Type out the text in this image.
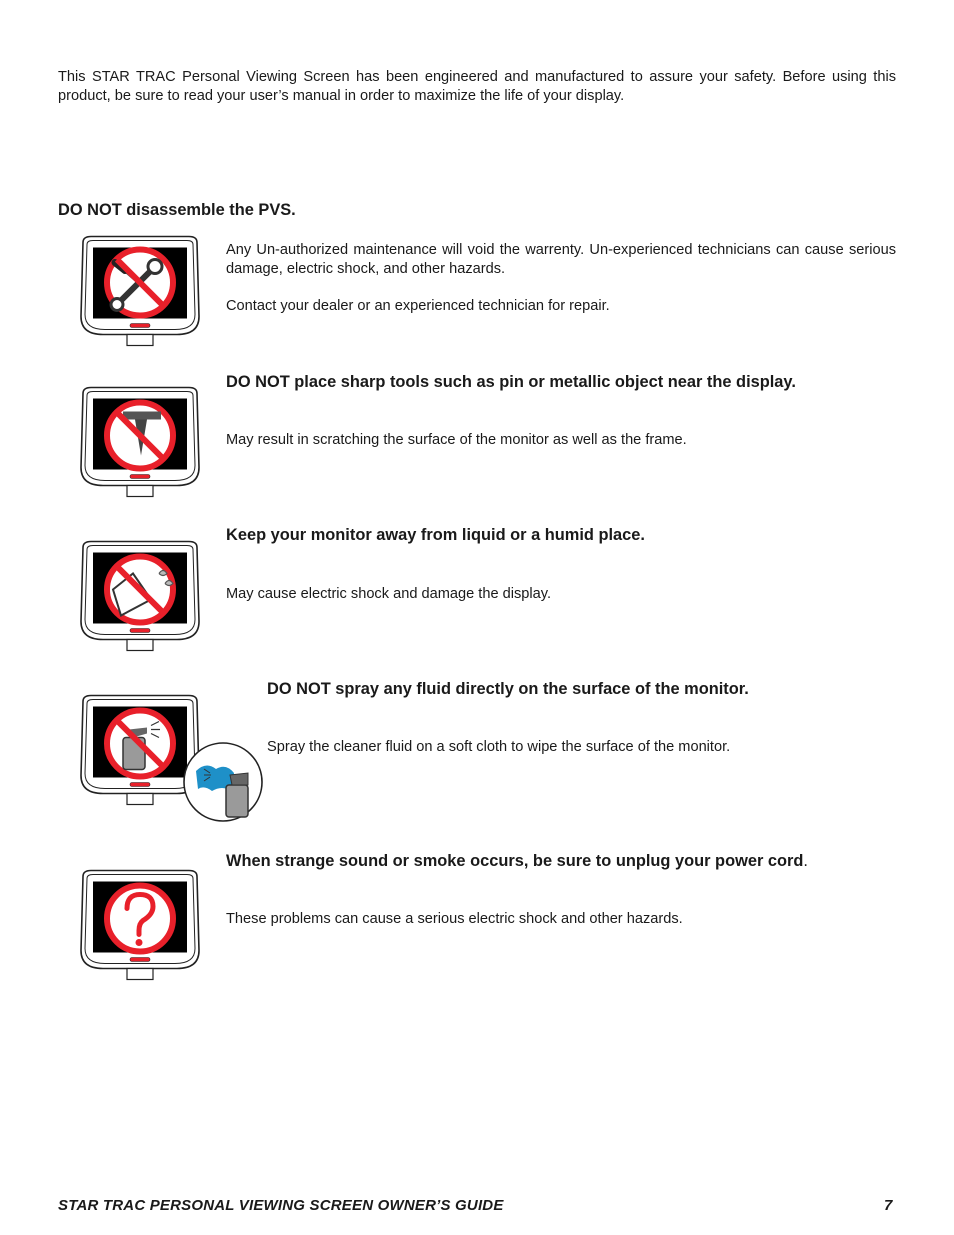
This STAR TRAC Personal Viewing Screen has been engineered and manufactured to assure your safety. Before using this product, be sure to read your user’s manual in order to maximize the life of your display.
DO NOT disassemble the PVS.
Any Un-authorized maintenance will void the warrenty. Un-experienced technicians can cause serious damage, electric shock, and other hazards.
Contact your dealer or an experienced technician for repair.
DO NOT place sharp tools such as pin or metallic object near the display.
May result in scratching the surface of the monitor as well as the frame.
Keep your monitor away from liquid or a humid place.
May cause electric shock and damage the display.
DO NOT spray any fluid directly on the surface of the monitor.
Spray the cleaner fluid on a soft cloth to wipe the surface of the monitor.
When strange sound or smoke occurs, be sure to unplug your power cord.
These problems can cause a serious electric shock and other hazards.
STAR TRAC PERSONAL VIEWING SCREEN OWNER’S GUIDE	7
